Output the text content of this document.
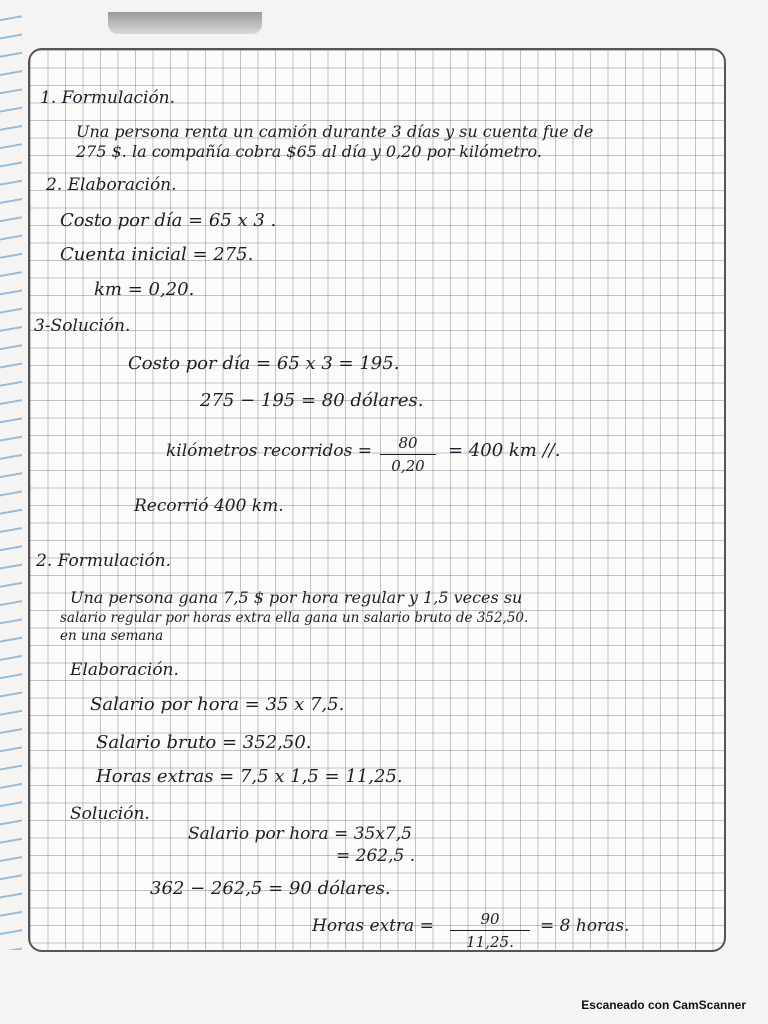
1. Formulación.
Una persona renta un camión durante 3 días y su cuenta fue de
275 $. la compañía cobra $65 al día y 0,20 por kilómetro.
2. Elaboración.
Costo por día = 65 x 3 .
Cuenta inicial = 275.
km = 0,20.
3-Solución.
Costo por día = 65 x 3 = 195.
275 − 195 = 80 dólares.
kilómetros recorridos = 80
0,20
= 400 km //.
Recorrió 400 km.
2. Formulación.
Una persona gana 7,5 $ por hora regular y 1,5 veces su
salario regular por horas extra ella gana un salario bruto de 352,50.
en una semana
Elaboración.
Salario por hora = 35 x 7,5.
Salario bruto = 352,50.
Horas extras = 7,5 x 1,5 = 11,25.
Solución.
Salario por hora = 35x7,5
= 262,5 .
362 − 262,5 = 90 dólares.
Horas extra =	90
11,25.
= 8 horas.
Escaneado con CamScanner
